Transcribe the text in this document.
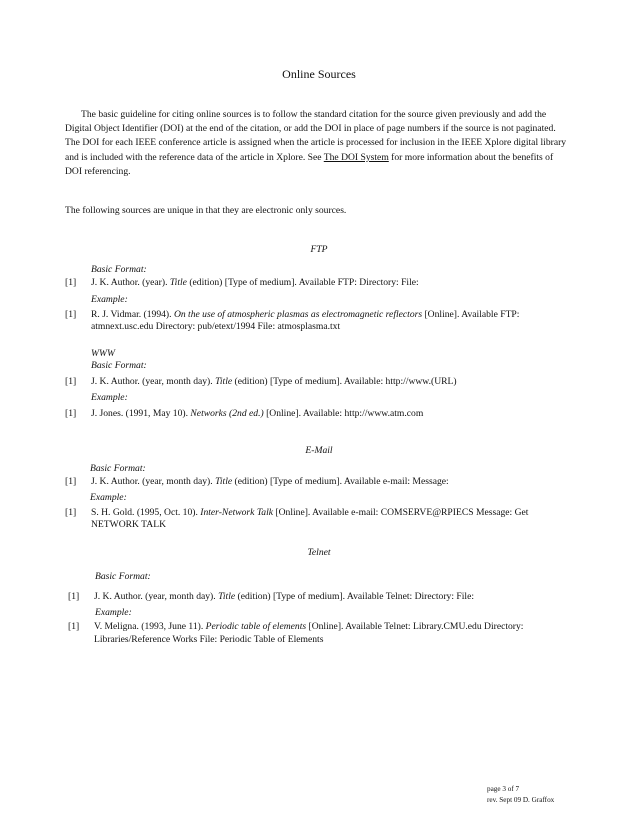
Online Sources
The basic guideline for citing online sources is to follow the standard citation for the source given previously and add the Digital Object Identifier (DOI) at the end of the citation, or add the DOI in place of page numbers if the source is not paginated. The DOI for each IEEE conference article is assigned when the article is processed for inclusion in the IEEE Xplore digital library and is included with the reference data of the article in Xplore. See The DOI System for more information about the benefits of DOI referencing.
The following sources are unique in that they are electronic only sources.
FTP
Basic Format:
[1] J. K. Author. (year). Title (edition) [Type of medium]. Available FTP: Directory: File:
Example:
[1] R. J. Vidmar. (1994). On the use of atmospheric plasmas as electromagnetic reflectors [Online]. Available FTP:
atmnext.usc.edu Directory: pub/etext/1994 File: atmosplasma.txt
WWW
Basic Format:
[1] J. K. Author. (year, month day). Title (edition) [Type of medium]. Available: http://www.(URL)
Example:
[1] J. Jones. (1991, May 10). Networks (2nd ed.) [Online]. Available: http://www.atm.com
E-Mail
Basic Format:
[1] J. K. Author. (year, month day). Title (edition) [Type of medium]. Available e-mail: Message:
Example:
[1] S. H. Gold. (1995, Oct. 10). Inter-Network Talk [Online]. Available e-mail: COMSERVE@RPIECS Message: Get
NETWORK TALK
Telnet
Basic Format:
[1] J. K. Author. (year, month day). Title (edition) [Type of medium]. Available Telnet: Directory: File:
Example:
[1] V. Meligna. (1993, June 11). Periodic table of elements [Online]. Available Telnet: Library.CMU.edu Directory:
Libraries/Reference Works File: Periodic Table of Elements
page 3 of 7
rev. Sept 09 D. Graffox
